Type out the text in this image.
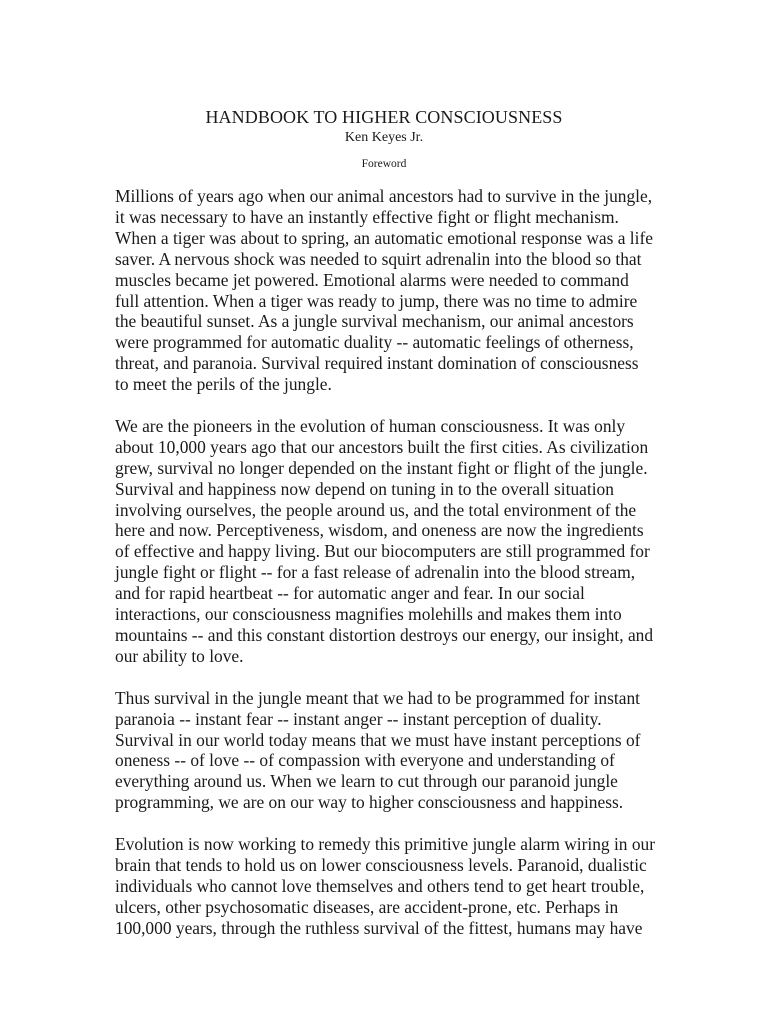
HANDBOOK TO HIGHER CONSCIOUSNESS
Ken Keyes Jr.
Foreword
Millions of years ago when our animal ancestors had to survive in the jungle,
it was necessary to have an instantly effective fight or flight mechanism.
When a tiger was about to spring, an automatic emotional response was a life
saver. A nervous shock was needed to squirt adrenalin into the blood so that
muscles became jet powered. Emotional alarms were needed to command
full attention. When a tiger was ready to jump, there was no time to admire
the beautiful sunset. As a jungle survival mechanism, our animal ancestors
were programmed for automatic duality -- automatic feelings of otherness,
threat, and paranoia. Survival required instant domination of consciousness
to meet the perils of the jungle.
We are the pioneers in the evolution of human consciousness. It was only
about 10,000 years ago that our ancestors built the first cities. As civilization
grew, survival no longer depended on the instant fight or flight of the jungle.
Survival and happiness now depend on tuning in to the overall situation
involving ourselves, the people around us, and the total environment of the
here and now. Perceptiveness, wisdom, and oneness are now the ingredients
of effective and happy living. But our biocomputers are still programmed for
jungle fight or flight -- for a fast release of adrenalin into the blood stream,
and for rapid heartbeat -- for automatic anger and fear. In our social
interactions, our consciousness magnifies molehills and makes them into
mountains -- and this constant distortion destroys our energy, our insight, and
our ability to love.
Thus survival in the jungle meant that we had to be programmed for instant
paranoia -- instant fear -- instant anger -- instant perception of duality.
Survival in our world today means that we must have instant perceptions of
oneness -- of love -- of compassion with everyone and understanding of
everything around us. When we learn to cut through our paranoid jungle
programming, we are on our way to higher consciousness and happiness.
Evolution is now working to remedy this primitive jungle alarm wiring in our
brain that tends to hold us on lower consciousness levels. Paranoid, dualistic
individuals who cannot love themselves and others tend to get heart trouble,
ulcers, other psychosomatic diseases, are accident-prone, etc. Perhaps in
100,000 years, through the ruthless survival of the fittest, humans may have
